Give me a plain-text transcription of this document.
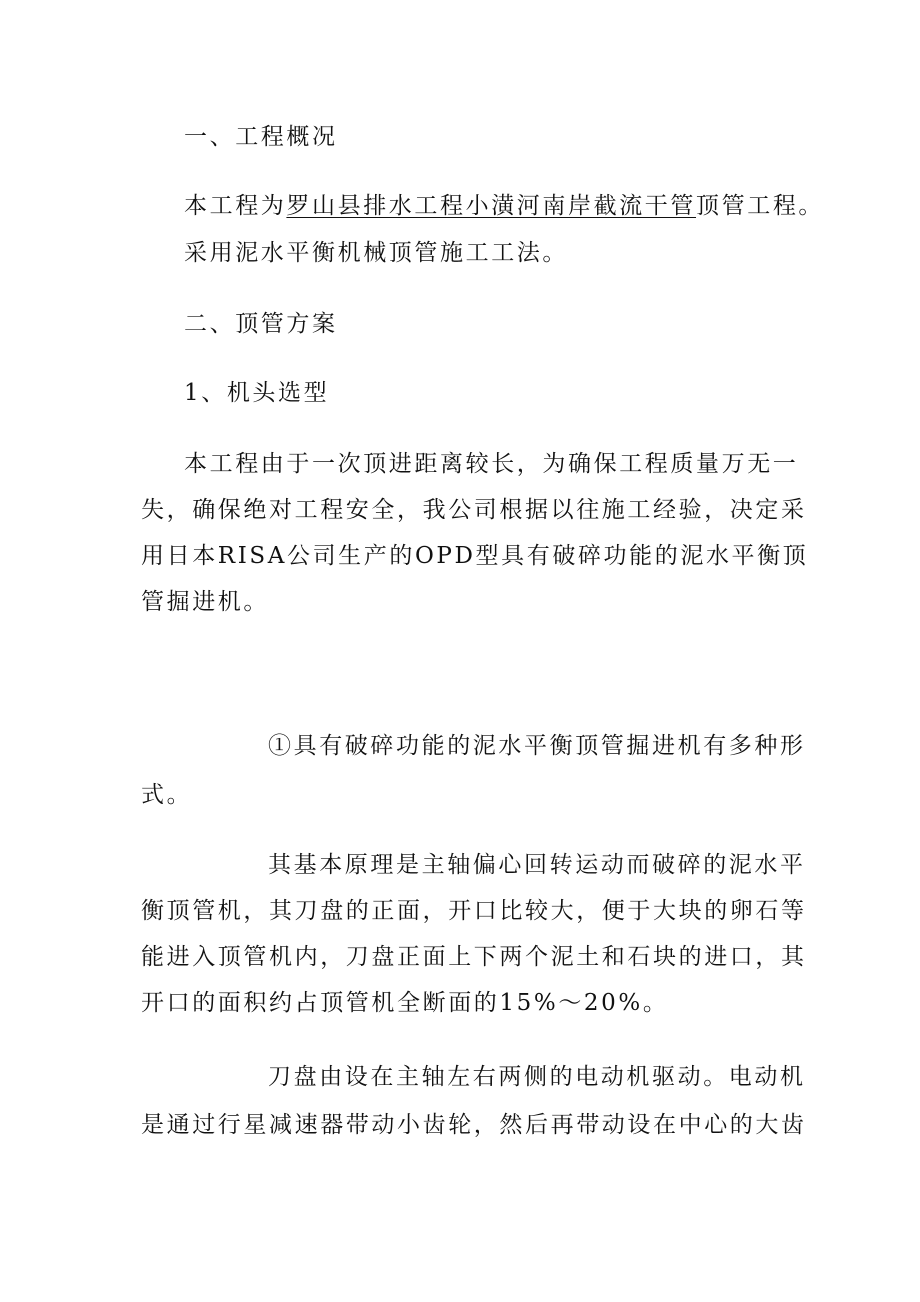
一、工程概况
本工程为罗山县排水工程小潢河南岸截流干管顶管工程。
采用泥水平衡机械顶管施工工法。
二、顶管方案
1、机头选型
本工程由于一次顶进距离较长，为确保工程质量万无一
失，确保绝对工程安全，我公司根据以往施工经验，决定采
用日本RISA公司生产的OPD型具有破碎功能的泥水平衡顶
管掘进机。
①具有破碎功能的泥水平衡顶管掘进机有多种形
式。
其基本原理是主轴偏心回转运动而破碎的泥水平
衡顶管机，其刀盘的正面，开口比较大，便于大块的卵石等
能进入顶管机内，刀盘正面上下两个泥土和石块的进口，其
开口的面积约占顶管机全断面的15%～20%。
刀盘由设在主轴左右两侧的电动机驱动。电动机
是通过行星减速器带动小齿轮，然后再带动设在中心的大齿
